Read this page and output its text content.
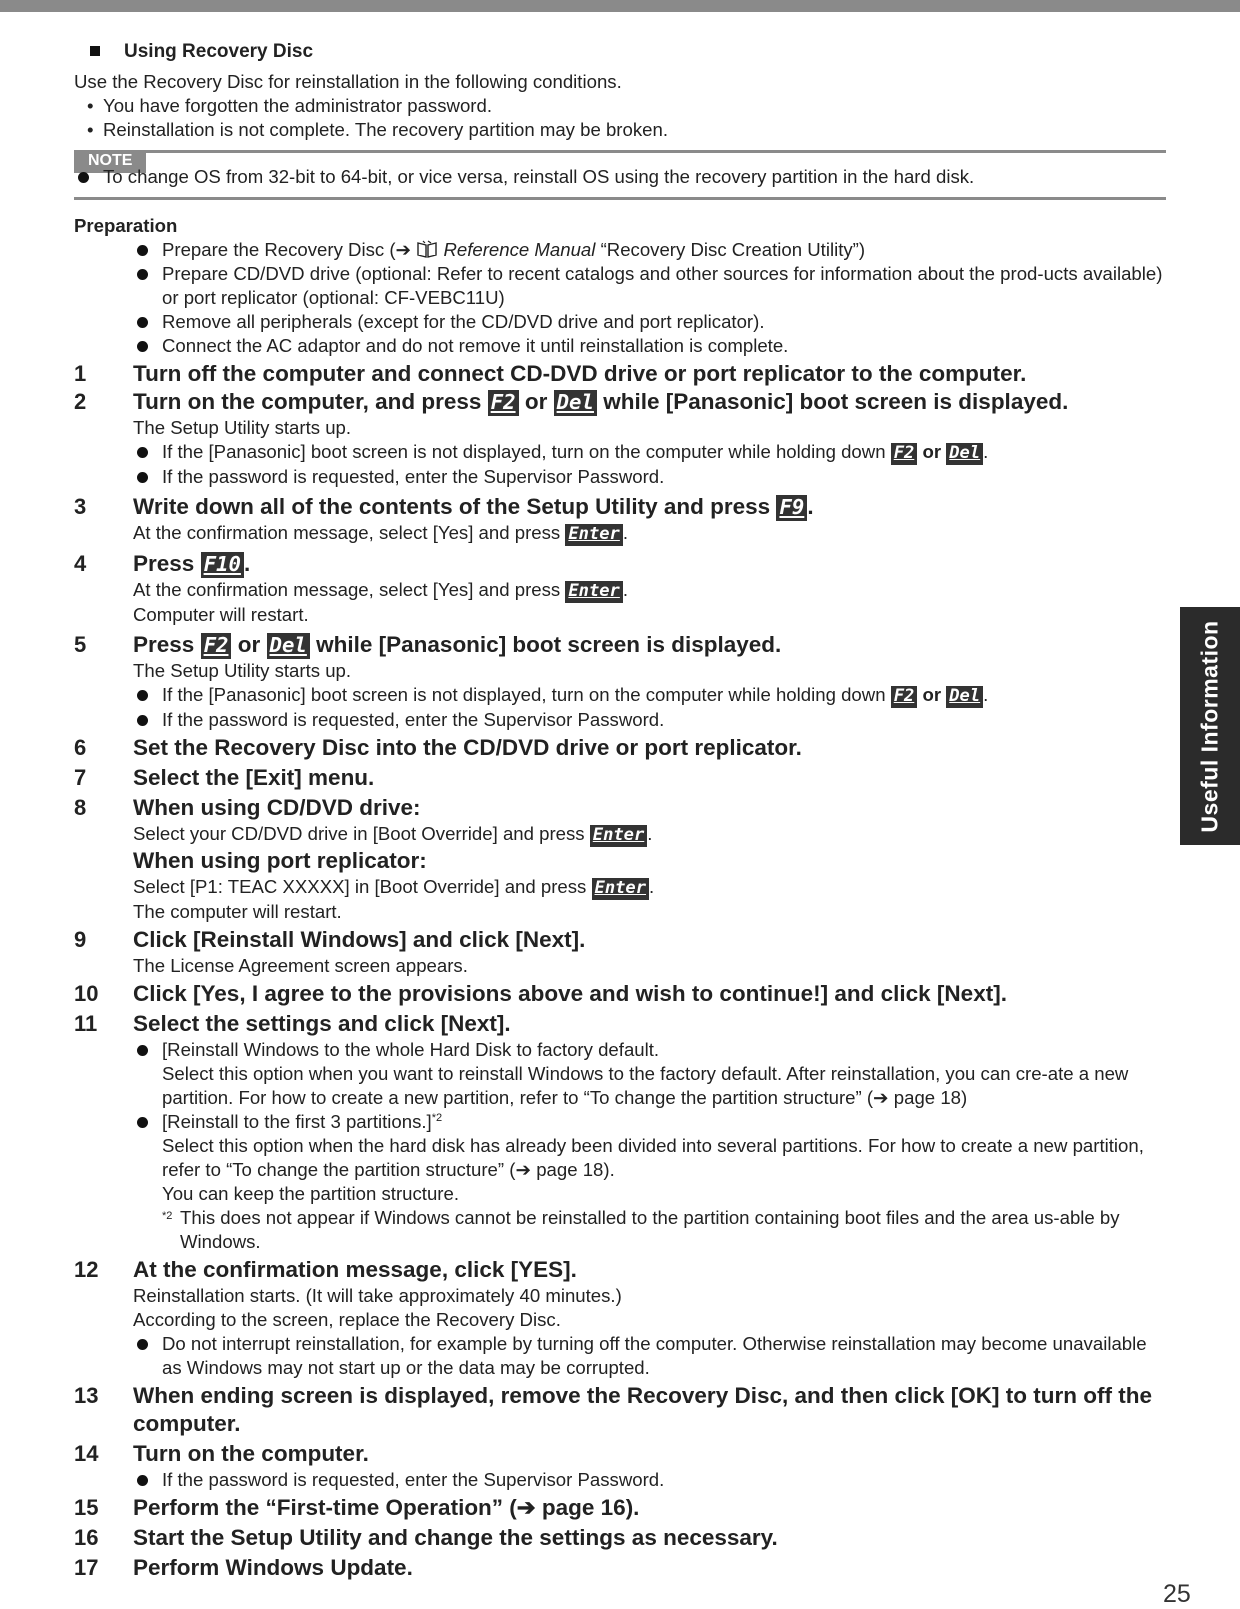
Useful Information
25
Using Recovery Disc
Use the Recovery Disc for reinstallation in the following conditions.
• You have forgotten the administrator password.
• Reinstallation is not complete. The recovery partition may be broken.
NOTE
To change OS from 32-bit to 64-bit, or vice versa, reinstall OS using the recovery partition in the hard disk.
Preparation
Prepare the Recovery Disc (➔  Reference Manual “Recovery Disc Creation Utility”)
Prepare CD/DVD drive (optional: Refer to recent catalogs and other sources for information about the prod-ucts available) or port replicator (optional: CF-VEBC11U)
Remove all peripherals (except for the CD/DVD drive and port replicator).
Connect the AC adaptor and do not remove it until reinstallation is complete.
1 Turn off the computer and connect CD-DVD drive or port replicator to the computer.
2 Turn on the computer, and press F2 or Del while [Panasonic] boot screen is displayed.
The Setup Utility starts up.
If the [Panasonic] boot screen is not displayed, turn on the computer while holding down F2 or Del .
If the password is requested, enter the Supervisor Password.
3 Write down all of the contents of the Setup Utility and press F9 .
At the confirmation message, select [Yes] and press Enter .
4 Press F10 .
At the confirmation message, select [Yes] and press Enter .
Computer will restart.
5 Press F2 or Del while [Panasonic] boot screen is displayed.
The Setup Utility starts up.
If the [Panasonic] boot screen is not displayed, turn on the computer while holding down F2 or Del .
If the password is requested, enter the Supervisor Password.
6 Set the Recovery Disc into the CD/DVD drive or port replicator.
7 Select the [Exit] menu.
8 When using CD/DVD drive:
Select your CD/DVD drive in [Boot Override] and press Enter .
When using port replicator:
Select [P1: TEAC XXXXX] in [Boot Override] and press Enter .
The computer will restart.
9 Click [Reinstall Windows] and click [Next].
The License Agreement screen appears.
10 Click [Yes, I agree to the provisions above and wish to continue!] and click [Next].
11 Select the settings and click [Next].
[Reinstall Windows to the whole Hard Disk to factory default.
Select this option when you want to reinstall Windows to the factory default. After reinstallation, you can cre-ate a new partition. For how to create a new partition, refer to “To change the partition structure” (➔ page 18)
[Reinstall to the first 3 partitions.]$^{*2}$
Select this option when the hard disk has already been divided into several partitions. For how to create a new partition, refer to “To change the partition structure” (➔ page 18).
You can keep the partition structure.
*2 This does not appear if Windows cannot be reinstalled to the partition containing boot files and the area us-able by Windows.
12 At the confirmation message, click [YES].
Reinstallation starts. (It will take approximately 40 minutes.)
According to the screen, replace the Recovery Disc.
Do not interrupt reinstallation, for example by turning off the computer. Otherwise reinstallation may become unavailable as Windows may not start up or the data may be corrupted.
13 When ending screen is displayed, remove the Recovery Disc, and then click [OK] to turn off the computer.
14 Turn on the computer.
If the password is requested, enter the Supervisor Password.
15 Perform the “First-time Operation” (➔ page 16).
16 Start the Setup Utility and change the settings as necessary.
17 Perform Windows Update.
